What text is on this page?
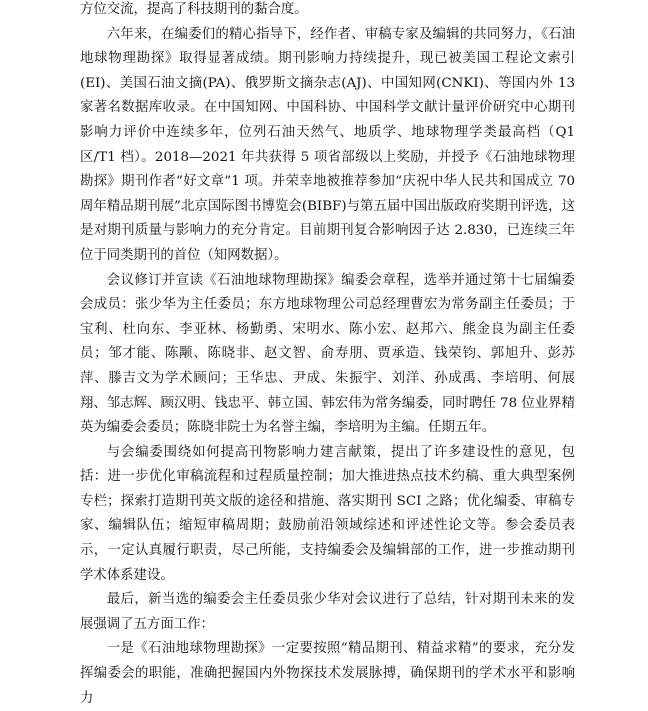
方位交流，提高了科技期刊的黏合度。

六年来，在编委们的精心指导下，经作者、审稿专家及编辑的共同努力，《石油地球物理勘探》取得显著成绩。期刊影响力持续提升，现已被美国工程论文索引(EI)、美国石油文摘(PA)、俄罗斯文摘杂志(AJ)、中国知网(CNKI)、等国内外 13 家著名数据库收录。在中国知网、中国科协、中国科学文献计量评价研究中心期刊影响力评价中连续多年，位列石油天然气、地质学、地球物理学类最高档（Q1 区/T1 档）。2018—2021 年共获得 5 项省部级以上奖励，并授予《石油地球物理勘探》期刊作者“好文章”1 项。并荣幸地被推荐参加“庆祝中华人民共和国成立 70 周年精品期刊展”北京国际图书博览会(BIBF)与第五届中国出版政府奖期刊评选，这是对期刊质量与影响力的充分肯定。目前期刊复合影响因子达 2.830，已连续三年位于同类期刊的首位（知网数据）。

会议修订并宣读《石油地球物理勘探》编委会章程，选举并通过第十七届编委会成员：张少华为主任委员；东方地球物理公司总经理曹宏为常务副主任委员；于宝利、杜向东、李亚林、杨勤勇、宋明水、陈小宏、赵邦六、熊金良为副主任委员；邹才能、陈颙、陈晓非、赵文智、俞寿朋、贾承造、钱荣钧、郭旭升、彭苏萍、滕吉文为学术顾问；王华忠、尹成、朱振宇、刘洋、孙成禹、李培明、何展翔、邹志辉、顾汉明、钱忠平、韩立国、韩宏伟为常务编委，同时聘任 78 位业界精英为编委会委员；陈晓非院士为名誉主编，李培明为主编。任期五年。

与会编委围绕如何提高刊物影响力建言献策，提出了许多建设性的意见，包括：进一步优化审稿流程和过程质量控制；加大推进热点技术约稿、重大典型案例专栏；探索打造期刊英文版的途径和措施、落实期刊 SCI 之路；优化编委、审稿专家、编辑队伍；缩短审稿周期；鼓励前沿领域综述和评述性论文等。参会委员表示，一定认真履行职责，尽己所能，支持编委会及编辑部的工作，进一步推动期刊学术体系建设。

最后，新当选的编委会主任委员张少华对会议进行了总结，针对期刊未来的发展强调了五方面工作：

一是《石油地球物理勘探》一定要按照“精品期刊、精益求精”的要求，充分发挥编委会的职能，准确把握国内外物探技术发展脉搏，确保期刊的学术水平和影响力
